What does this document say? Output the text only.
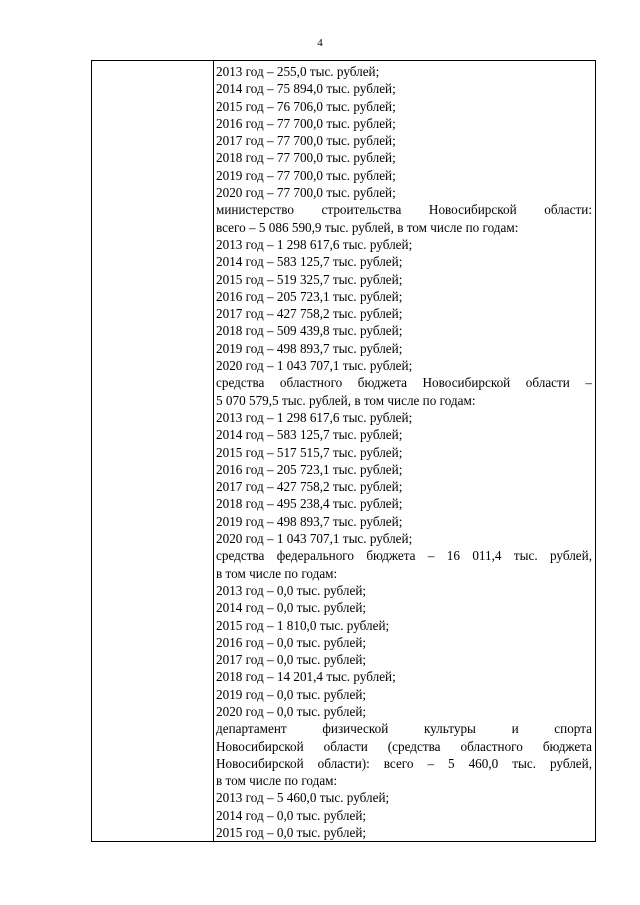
4
2013 год – 255,0 тыс. рублей;
2014 год – 75 894,0 тыс. рублей;
2015 год – 76 706,0 тыс. рублей;
2016 год – 77 700,0 тыс. рублей;
2017 год – 77 700,0 тыс. рублей;
2018 год – 77 700,0 тыс. рублей;
2019 год – 77 700,0 тыс. рублей;
2020 год – 77 700,0 тыс. рублей;
министерство строительства Новосибирской области:
всего – 5 086 590,9 тыс. рублей, в том числе по годам:
2013 год – 1 298 617,6 тыс. рублей;
2014 год – 583 125,7 тыс. рублей;
2015 год – 519 325,7 тыс. рублей;
2016 год – 205 723,1 тыс. рублей;
2017 год – 427 758,2 тыс. рублей;
2018 год – 509 439,8 тыс. рублей;
2019 год – 498 893,7 тыс. рублей;
2020 год – 1 043 707,1 тыс. рублей;
средства областного бюджета Новосибирской области –
5 070 579,5 тыс. рублей, в том числе по годам:
2013 год – 1 298 617,6 тыс. рублей;
2014 год – 583 125,7 тыс. рублей;
2015 год – 517 515,7 тыс. рублей;
2016 год – 205 723,1 тыс. рублей;
2017 год – 427 758,2 тыс. рублей;
2018 год – 495 238,4 тыс. рублей;
2019 год – 498 893,7 тыс. рублей;
2020 год – 1 043 707,1 тыс. рублей;
средства федерального бюджета – 16 011,4 тыс. рублей,
в том числе по годам:
2013 год – 0,0 тыс. рублей;
2014 год – 0,0 тыс. рублей;
2015 год – 1 810,0 тыс. рублей;
2016 год – 0,0 тыс. рублей;
2017 год – 0,0 тыс. рублей;
2018 год – 14 201,4 тыс. рублей;
2019 год – 0,0 тыс. рублей;
2020 год – 0,0 тыс. рублей;
департамент физической культуры и спорта
Новосибирской области (средства областного бюджета
Новосибирской области): всего – 5 460,0 тыс. рублей,
в том числе по годам:
2013 год – 5 460,0 тыс. рублей;
2014 год – 0,0 тыс. рублей;
2015 год – 0,0 тыс. рублей;
